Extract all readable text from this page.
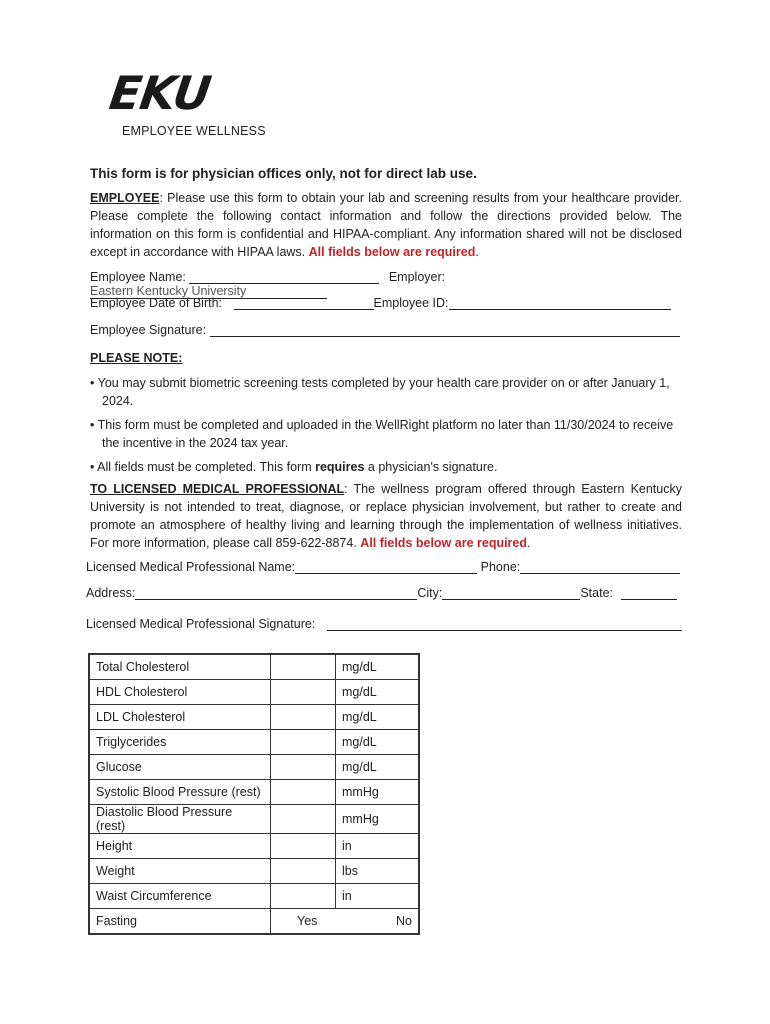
EKU
EMPLOYEE WELLNESS
This form is for physician offices only, not for direct lab use.
EMPLOYEE: Please use this form to obtain your lab and screening results from your healthcare provider. Please complete the following contact information and follow the directions provided below. The information on this form is confidential and HIPAA-compliant. Any information shared will not be disclosed except in accordance with HIPAA laws. All fields below are required.
Employee Name:	Employer:Eastern Kentucky University
Employee Date of Birth:	Employee ID:
Employee Signature:
PLEASE NOTE:
• You may submit biometric screening tests completed by your health care provider on or after January 1, 2024.
• This form must be completed and uploaded in the WellRight platform no later than 11/30/2024 to receive the incentive in the 2024 tax year.
• All fields must be completed. This form requires a physician's signature.
TO LICENSED MEDICAL PROFESSIONAL: The wellness program offered through Eastern Kentucky University is not intended to treat, diagnose, or replace physician involvement, but rather to create and promote an atmosphere of healthy living and learning through the implementation of wellness initiatives. For more information, please call 859-622-8874. All fields below are required.
Licensed Medical Professional Name:	Phone:
Address:	City:	State:
Licensed Medical Professional Signature:
Total Cholesterol		mg/dL
HDL Cholesterol		mg/dL
LDL Cholesterol		mg/dL
Triglycerides		mg/dL
Glucose		mg/dL
Systolic Blood Pressure (rest)		mmHg
Diastolic Blood Pressure (rest)		mmHg
Height		in
Weight		lbs
Waist Circumference		in
Fasting	Yes No	
